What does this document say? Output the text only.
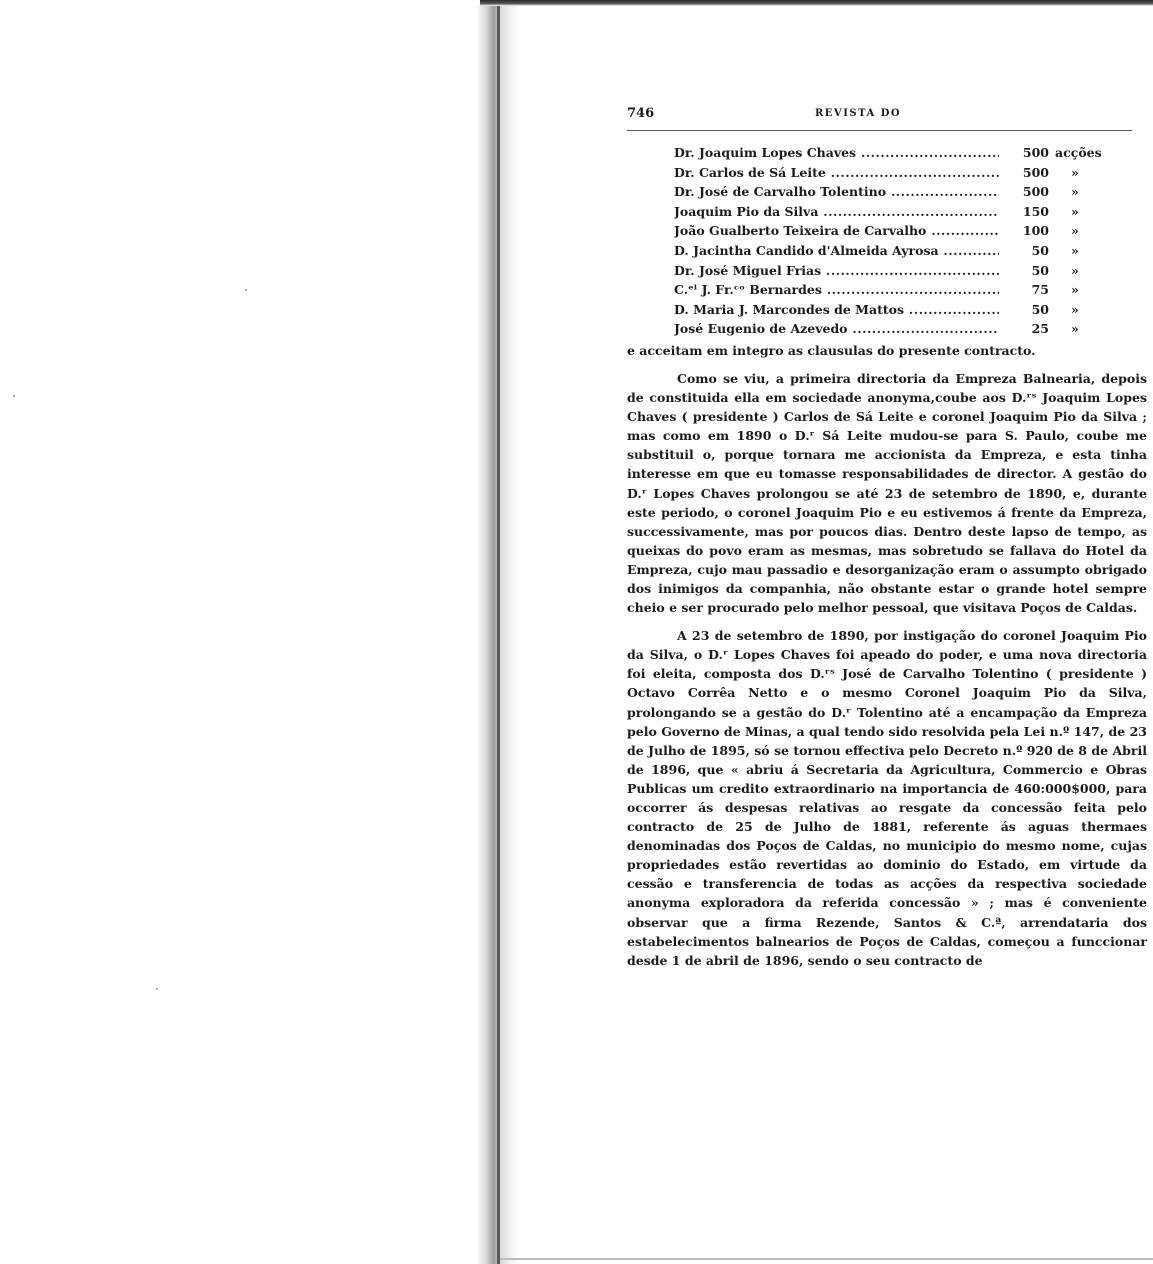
746	REVISTA DO
Dr. Joaquim Lopes Chaves .....	500 acções
Dr. Carlos de Sá Leite .....	500 »
Dr. José de Carvalho Tolentino .....	500 »
Joaquim Pio da Silva .....	150 »
João Gualberto Teixeira de Carvalho .....	100 »
D. Jacintha Candido d'Almeida Ayrosa .....	50 »
Dr. José Miguel Frias .....	50 »
C.ᵉˡ J. Fr.ᶜᵒ Bernardes .....	75 »
D. Maria J. Marcondes de Mattos .....	50 »
José Eugenio de Azevedo .....	25 »
e acceitam em integro as clausulas do presente contracto.

Como se viu, a primeira directoria da Empreza Balnearia, depois de constituida ella em sociedade anonyma,coube aos D.ʳˢ Joaquim Lopes Chaves ( presidente ) Carlos de Sá Leite e coronel Joaquim Pio da Silva ; mas como em 1890 o D.ʳ Sá Leite mudou-se para S. Paulo, coube me substituil o, porque tornara me accionista da Empreza, e esta tinha interesse em que eu tomasse responsabilidades de director. A gestão do D.ʳ Lopes Chaves prolongou se até 23 de setembro de 1890, e, durante este periodo, o coronel Joaquim Pio e eu estivemos á frente da Empreza, successivamente, mas por poucos dias. Dentro deste lapso de tempo, as queixas do povo eram as mesmas, mas sobretudo se fallava do Hotel da Empreza, cujo mau passadio e desorganização eram o assumpto obrigado dos inimigos da companhia, não obstante estar o grande hotel sempre cheio e ser procurado pelo melhor pessoal, que visitava Poços de Caldas.

A 23 de setembro de 1890, por instigação do coronel Joaquim Pio da Silva, o D.ʳ Lopes Chaves foi apeado do poder, e uma nova directoria foi eleita, composta dos D.ʳˢ José de Carvalho Tolentino ( presidente ) Octavo Corrêa Netto e o mesmo Coronel Joaquim Pio da Silva, prolongando se a gestão do D.ʳ Tolentino até a encampação da Empreza pelo Governo de Minas, a qual tendo sido resolvida pela Lei n.º 147, de 23 de Julho de 1895, só se tornou effectiva pelo Decreto n.º 920 de 8 de Abril de 1896, que « abriu á Secretaria da Agricultura, Commercio e Obras Publicas um credito extraordinario na importancia de 460:000$000, para occorrer ás despesas relativas ao resgate da concessão feita pelo contracto de 25 de Julho de 1881, referente ás aguas thermaes denominadas dos Poços de Caldas, no municipio do mesmo nome, cujas propriedades estão revertidas ao dominio do Estado, em virtude da cessão e transferencia de todas as acções da respectiva sociedade anonyma exploradora da referida concessão » ; mas é conveniente observar que a firma Rezende, Santos & C.ª, arrendataria dos estabelecimentos balnearios de Poços de Caldas, começou a funccionar desde 1 de abril de 1896, sendo o seu contracto de
